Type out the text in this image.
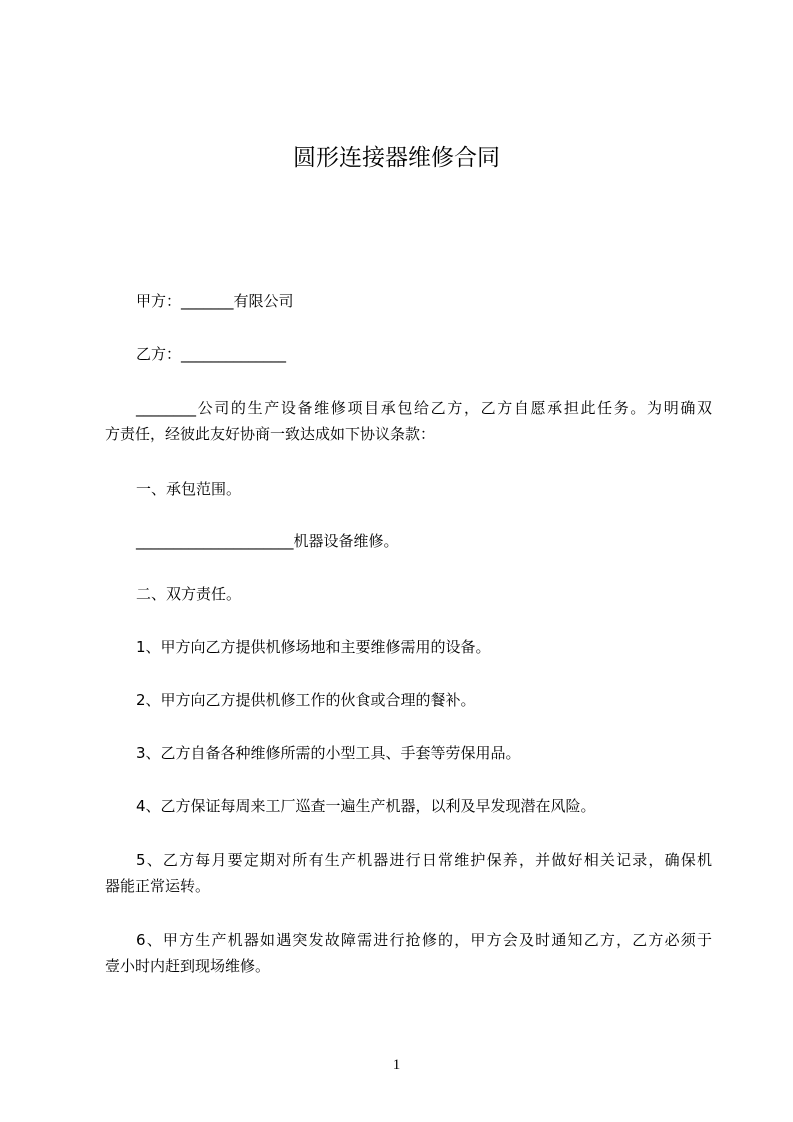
圆形连接器维修合同
甲方：_______有限公司
乙方：______________
________公司的生产设备维修项目承包给乙方，乙方自愿承担此任务。为明确双
方责任，经彼此友好协商一致达成如下协议条款：
一、承包范围。
_____________________机器设备维修。
二、双方责任。
1、甲方向乙方提供机修场地和主要维修需用的设备。
2、甲方向乙方提供机修工作的伙食或合理的餐补。
3、乙方自备各种维修所需的小型工具、手套等劳保用品。
4、乙方保证每周来工厂巡查一遍生产机器，以利及早发现潜在风险。
5、乙方每月要定期对所有生产机器进行日常维护保养，并做好相关记录，确保机
器能正常运转。
6、甲方生产机器如遇突发故障需进行抢修的，甲方会及时通知乙方，乙方必须于
壹小时内赶到现场维修。
1
